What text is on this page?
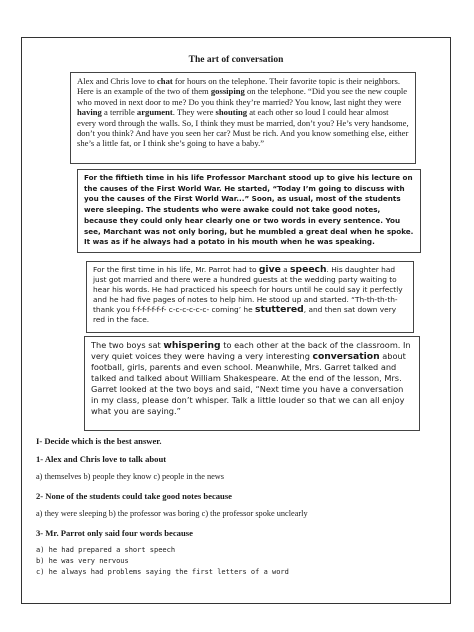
The art of conversation

Alex and Chris love to chat for hours on the telephone. Their favorite topic is their neighbors. Here is an example of the two of them gossiping on the telephone. “Did you see the new couple who moved in next door to me? Do you think they’re married? You know, last night they were having a terrible argument. They were shouting at each other so loud I could hear almost every word through the walls. So, I think they must be married, don’t you? He’s very handsome, don’t you think? And have you seen her car? Must be rich. And you know something else, either she’s a little fat, or I think she’s going to have a baby.”

For the fiftieth time in his life Professor Marchant stood up to give his lecture on the causes of the First World War. He started, “Today I’m going to discuss with you the causes of the First World War...” Soon, as usual, most of the students were sleeping. The students who were awake could not take good notes, because they could only hear clearly one or two words in every sentence. You see, Marchant was not only boring, but he mumbled a great deal when he spoke. It was as if he always had a potato in his mouth when he was speaking.

For the first time in his life, Mr. Parrot had to give a speech. His daughter had just got married and there were a hundred guests at the wedding party waiting to hear his words. He had practiced his speech for hours until he could say it perfectly and he had five pages of notes to help him. He stood up and started. “Th-th-th-th- thank you f-f-f-f-f-f-f- c-c-c-c-c-c- coming’ he stuttered, and then sat down very red in the face.

The two boys sat whispering to each other at the back of the classroom. In very quiet voices they were having a very interesting conversation about football, girls, parents and even school. Meanwhile, Mrs. Garret talked and talked and talked about William Shakespeare. At the end of the lesson, Mrs. Garret looked at the two boys and said, “Next time you have a conversation in my class, please don’t whisper. Talk a little louder so that we can all enjoy what you are saying.”

I- Decide which is the best answer.
1- Alex and Chris love to talk about
a) themselves b) people they know c) people in the news
2- None of the students could take good notes because
a) they were sleeping b) the professor was boring c) the professor spoke unclearly
3- Mr. Parrot only said four words because
a) he had prepared a short speech
b) he was very nervous
c) he always had problems saying the first letters of a word
